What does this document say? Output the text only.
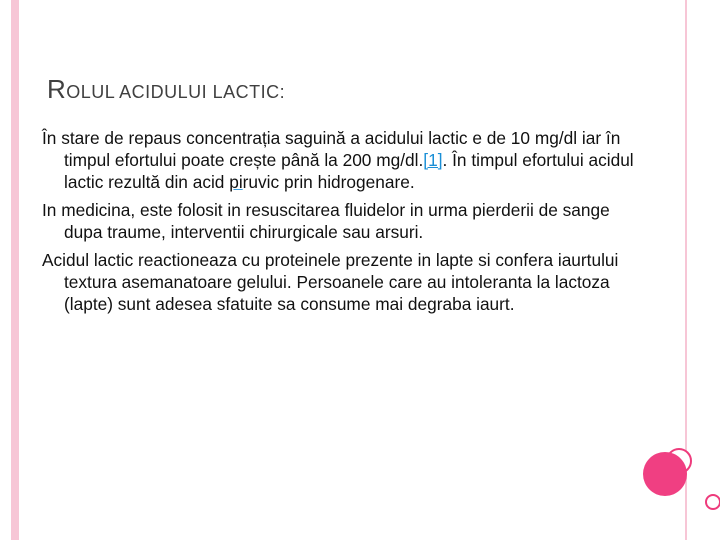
ROLUL ACIDULUI LACTIC:

În stare de repaus concentrația saguină a acidului lactic e de 10 mg/dl iar în timpul efortului poate crește până la 200 mg/dl.[1]. În timpul efortului acidul lactic rezultă din acid piruvic prin hidrogenare.

In medicina, este folosit in resuscitarea fluidelor in urma pierderii de sange dupa traume, interventii chirurgicale sau arsuri.

Acidul lactic reactioneaza cu proteinele prezente in lapte si confera iaurtului textura asemanatoare gelului. Persoanele care au intoleranta la lactoza (lapte) sunt adesea sfatuite sa consume mai degraba iaurt.
